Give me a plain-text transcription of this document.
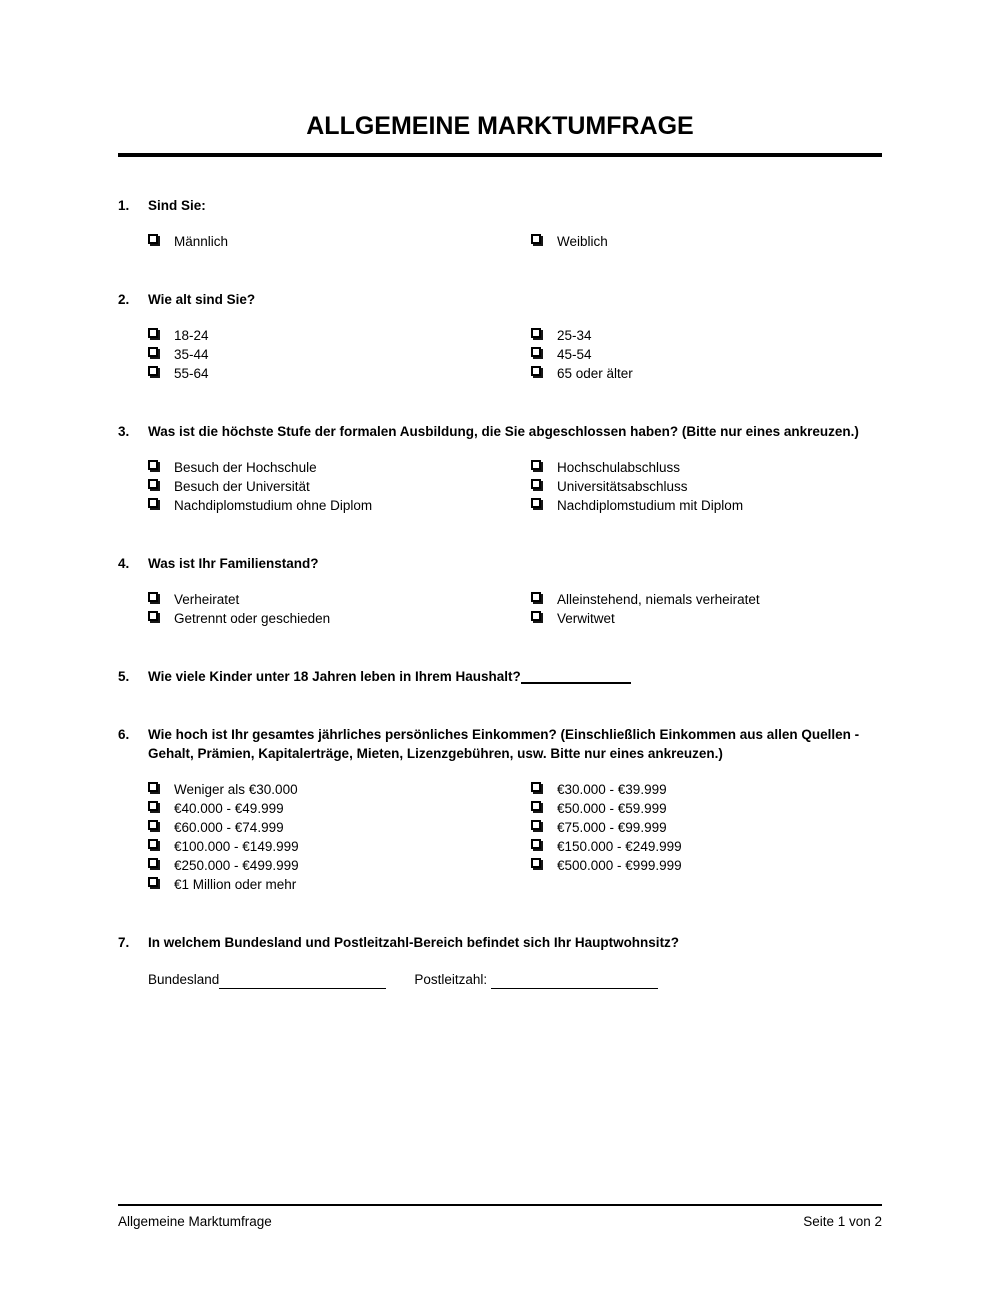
ALLGEMEINE MARKTUMFRAGE
1.	Sind Sie:
Männlich	Weiblich
2.	Wie alt sind Sie?
18-24
35-44
55-64
25-34
45-54
65 oder älter
3.	Was ist die höchste Stufe der formalen Ausbildung, die Sie abgeschlossen haben? (Bitte nur eines ankreuzen.)
Besuch der Hochschule
Besuch der Universität
Nachdiplomstudium ohne Diplom
Hochschulabschluss
Universitätsabschluss
Nachdiplomstudium mit Diplom
4.	Was ist Ihr Familienstand?
Verheiratet
Getrennt oder geschieden
Alleinstehend, niemals verheiratet
Verwitwet
5.	Wie viele Kinder unter 18 Jahren leben in Ihrem Haushalt?
6.	Wie hoch ist Ihr gesamtes jährliches persönliches Einkommen? (Einschließlich Einkommen aus allen Quellen - Gehalt, Prämien, Kapitalerträge, Mieten, Lizenzgebühren, usw. Bitte nur eines ankreuzen.)
Weniger als €30.000
€40.000 - €49.999
€60.000 - €74.999
€100.000 - €149.999
€250.000 - €499.999
€1 Million oder mehr
€30.000 - €39.999
€50.000 - €59.999
€75.000 - €99.999
€150.000 - €249.999
€500.000 - €999.999
7.	In welchem Bundesland und Postleitzahl-Bereich befindet sich Ihr Hauptwohnsitz?
Bundesland	Postleitzahl:
Allgemeine Marktumfrage	Seite 1 von 2
